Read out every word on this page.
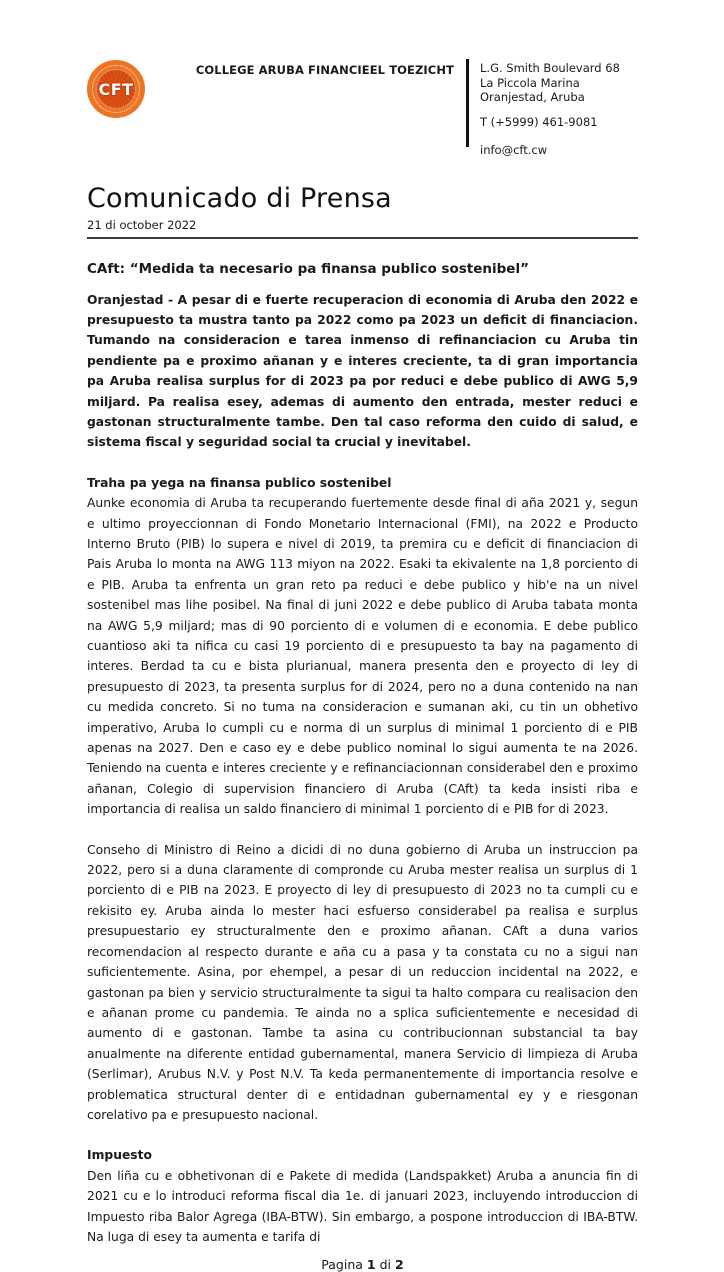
CFT
COLLEGE ARUBA FINANCIEEL TOEZICHT	L.G. Smith Boulevard 68
La Piccola Marina
Oranjestad, Aruba
T (+5999) 461-9081
info@cft.cw
Comunicado di Prensa
21 di october 2022
CAft: “Medida ta necesario pa finansa publico sostenibel”

Oranjestad - A pesar di e fuerte recuperacion di economia di Aruba den 2022 e presupuesto ta mustra tanto pa 2022 como pa 2023 un deficit di financiacion. Tumando na consideracion e tarea inmenso di refinanciacion cu Aruba tin pendiente pa e proximo añanan y e interes creciente, ta di gran importancia pa Aruba realisa surplus for di 2023 pa por reduci e debe publico di AWG 5,9 miljard. Pa realisa esey, ademas di aumento den entrada, mester reduci e gastonan structuralmente tambe. Den tal caso reforma den cuido di salud, e sistema fiscal y seguridad social ta crucial y inevitabel.

Traha pa yega na finansa publico sostenibel

Aunke economia di Aruba ta recuperando fuertemente desde final di aña 2021 y, segun e ultimo proyeccionnan di Fondo Monetario Internacional (FMI), na 2022 e Producto Interno Bruto (PIB) lo supera e nivel di 2019, ta premira cu e deficit di financiacion di Pais Aruba lo monta na AWG 113 miyon na 2022. Esaki ta ekivalente na 1,8 porciento di e PIB. Aruba ta enfrenta un gran reto pa reduci e debe publico y hib'e na un nivel sostenibel mas lihe posibel. Na final di juni 2022 e debe publico di Aruba tabata monta na AWG 5,9 miljard; mas di 90 porciento di e volumen di e economia. E debe publico cuantioso aki ta nifica cu casi 19 porciento di e presupuesto ta bay na pagamento di interes. Berdad ta cu e bista plurianual, manera presenta den e proyecto di ley di presupuesto di 2023, ta presenta surplus for di 2024, pero no a duna contenido na nan cu medida concreto. Si no tuma na consideracion e sumanan aki, cu tin un obhetivo imperativo, Aruba lo cumpli cu e norma di un surplus di minimal 1 porciento di e PIB apenas na 2027. Den e caso ey e debe publico nominal lo sigui aumenta te na 2026. Teniendo na cuenta e interes creciente y e refinanciacionnan considerabel den e proximo añanan, Colegio di supervision financiero di Aruba (CAft) ta keda insisti riba e importancia di realisa un saldo financiero di minimal 1 porciento di e PIB for di 2023.

Conseho di Ministro di Reino a dicidi di no duna gobierno di Aruba un instruccion pa 2022, pero si a duna claramente di compronde cu Aruba mester realisa un surplus di 1 porciento di e PIB na 2023. E proyecto di ley di presupuesto di 2023 no ta cumpli cu e rekisito ey. Aruba ainda lo mester haci esfuerso considerabel pa realisa e surplus presupuestario ey structuralmente den e proximo añanan. CAft a duna varios recomendacion al respecto durante e aña cu a pasa y ta constata cu no a sigui nan suficientemente. Asina, por ehempel, a pesar di un reduccion incidental na 2022, e gastonan pa bien y servicio structuralmente ta sigui ta halto compara cu realisacion den e añanan prome cu pandemia. Te ainda no a splica suficientemente e necesidad di aumento di e gastonan. Tambe ta asina cu contribucionnan substancial ta bay anualmente na diferente entidad gubernamental, manera Servicio di limpieza di Aruba (Serlimar), Arubus N.V. y Post N.V. Ta keda permanentemente di importancia resolve e problematica structural denter di e entidadnan gubernamental ey y e riesgonan corelativo pa e presupuesto nacional.

Impuesto

Den liña cu e obhetivonan di e Pakete di medida (Landspakket) Aruba a anuncia fin di 2021 cu e lo introduci reforma fiscal dia 1e. di januari 2023, incluyendo introduccion di Impuesto riba Balor Agrega (IBA-BTW). Sin embargo, a pospone introduccion di IBA-BTW. Na luga di esey ta aumenta e tarifa di

Pagina 1 di 2
